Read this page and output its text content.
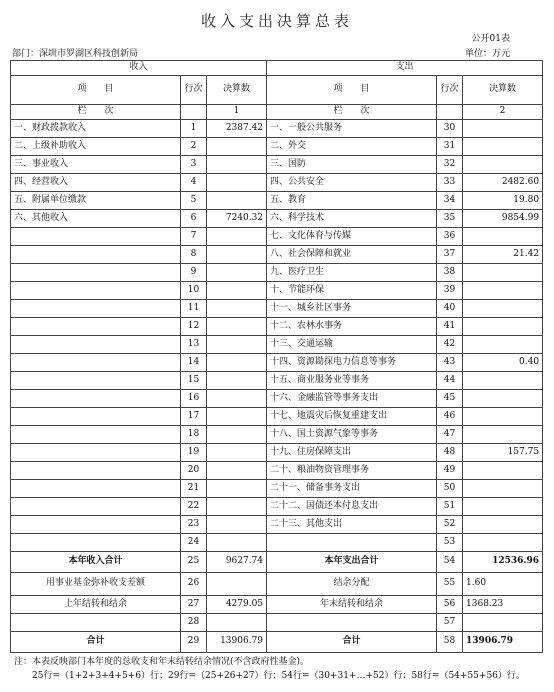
收入支出决算总表
公开01表
部门：深圳市罗湖区科技创新局	单位：万元
收入			支出		
项　　目	行次	决算数	项　　目	行次	决算数
栏　　次		1	栏　　次		2
一、财政拨款收入	1	2387.42	一、一般公共服务	30	
二、上级补助收入	2		二、外交	31	
三、事业收入	3		三、国防	32	
四、经营收入	4		四、公共安全	33	2482.60
五、附属单位缴款	5		五、教育	34	19.80
六、其他收入	6	7240.32	六、科学技术	35	9854.99
	7		七、文化体育与传媒	36	
	8		八、社会保障和就业	37	21.42
	9		九、医疗卫生	38	
	10		十、节能环保	39	
	11		十一、城乡社区事务	40	
	12		十二、农林水事务	41	
	13		十三、交通运输	42	
	14		十四、资源勘探电力信息等事务	43	0.40
	15		十五、商业服务业等事务	44	
	16		十六、金融监管等事务支出	45	
	17		十七、地震灾后恢复重建支出	46	
	18		十八、国土资源气象等事务	47	
	19		十九、住房保障支出	48	157.75
	20		二十、粮油物资管理事务	49	
	21		二十一、储备事务支出	50	
	22		二十二、国债还本付息支出	51	
	23		二十三、其他支出	52	
	24			53	
本年收入合计	25	9627.74	本年支出合计	54	12536.96
用事业基金弥补收支差额	26		结余分配	55	1.60
上年结转和结余	27	4279.05	年末结转和结余	56	1368.23
	28			57	
合计	29	13906.79	合计	58	13906.79
注：本表反映部门本年度的总收支和年末结转结余情况(不含政府性基金)。
25行=（1+2+3+4+5+6）行；29行=（25+26+27）行；54行=（30+31+…+52）行；58行=（54+55+56）行。
